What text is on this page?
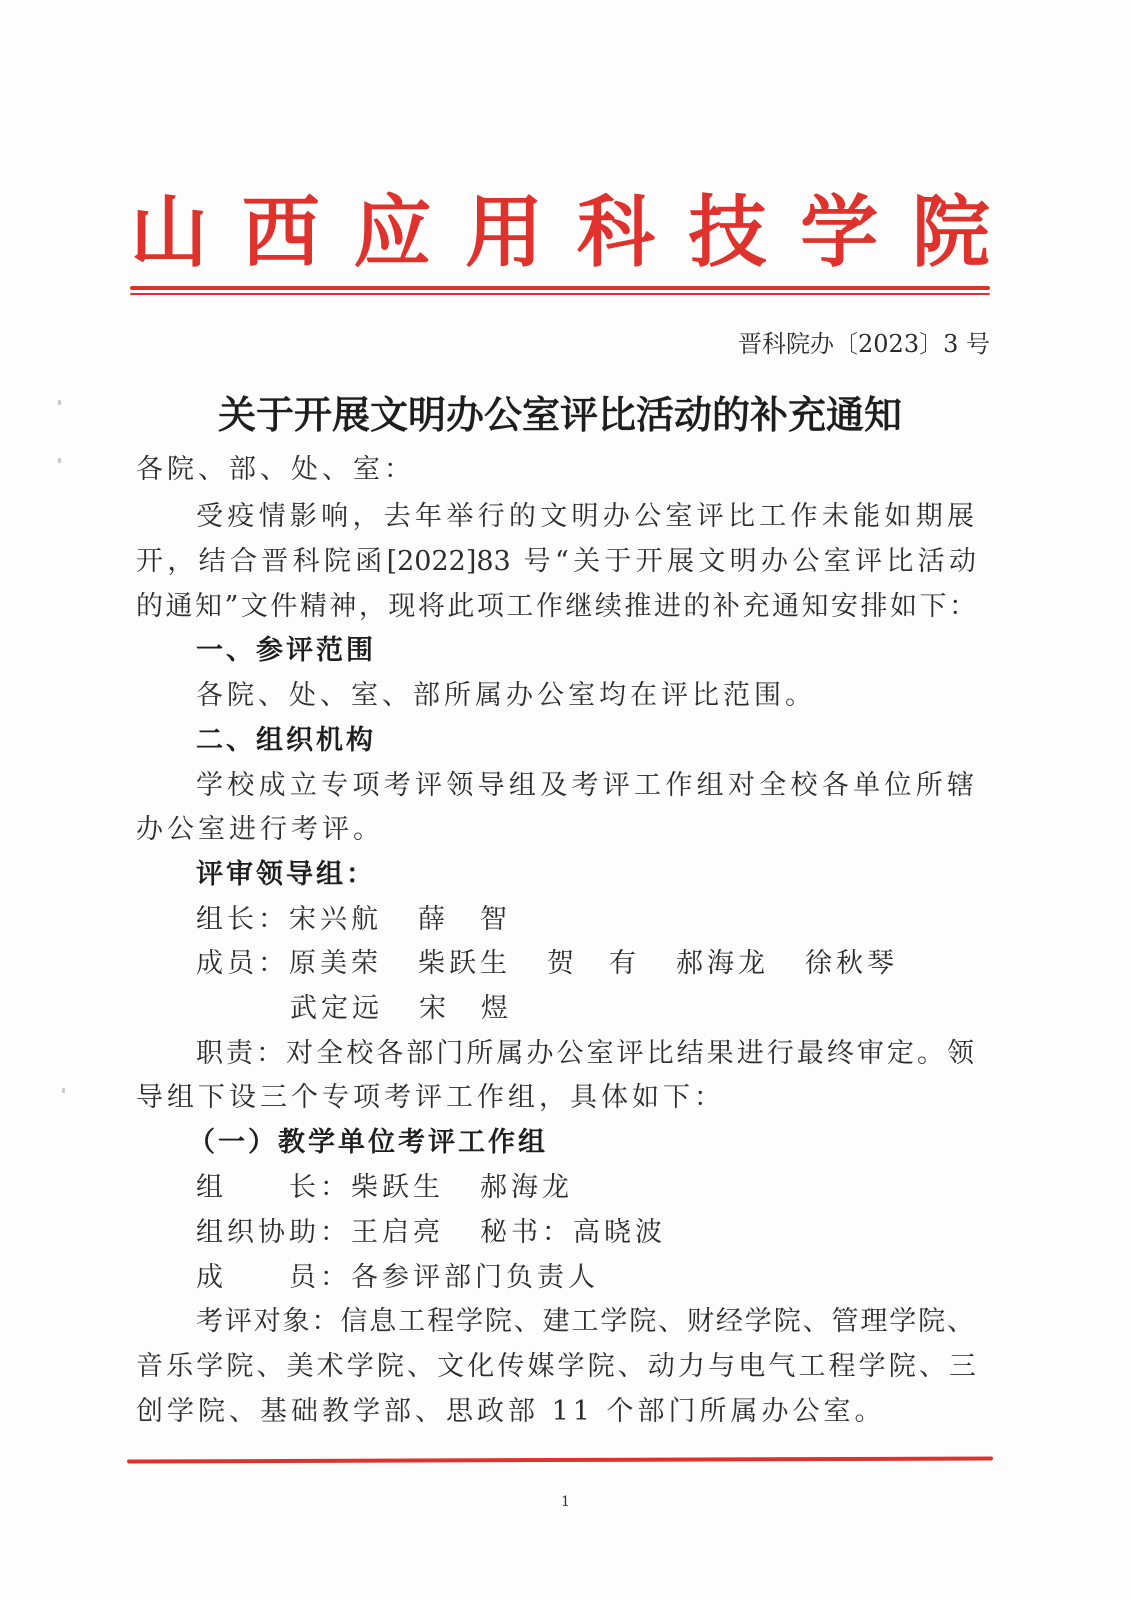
山 西 应 用 科 技 学 院
晋科院办〔2023〕3 号
关于开展文明办公室评比活动的补充通知
各院、部、处、室：
受疫情影响，去年举行的文明办公室评比工作未能如期展
开，结合晋科院函[2022]83 号“关于开展文明办公室评比活动
的通知”文件精神，现将此项工作继续推进的补充通知安排如下：
一、参评范围
各院、处、室、部所属办公室均在评比范围。
二、组织机构
学校成立专项考评领导组及考评工作组对全校各单位所辖
办公室进行考评。
评审领导组：
组长：宋兴航 薛　智
成员：原美荣 柴跃生 贺　有 郝海龙 徐秋琴
武定远 宋　煜
职责：对全校各部门所属办公室评比结果进行最终审定。领
导组下设三个专项考评工作组，具体如下：
（一）教学单位考评工作组
组　　长：柴跃生 郝海龙
组织协助：王启亮 秘书：高晓波
成　　员：各参评部门负责人
考评对象：信息工程学院、建工学院、财经学院、管理学院、
音乐学院、美术学院、文化传媒学院、动力与电气工程学院、三
创学院、基础教学部、思政部 11 个部门所属办公室。
1
